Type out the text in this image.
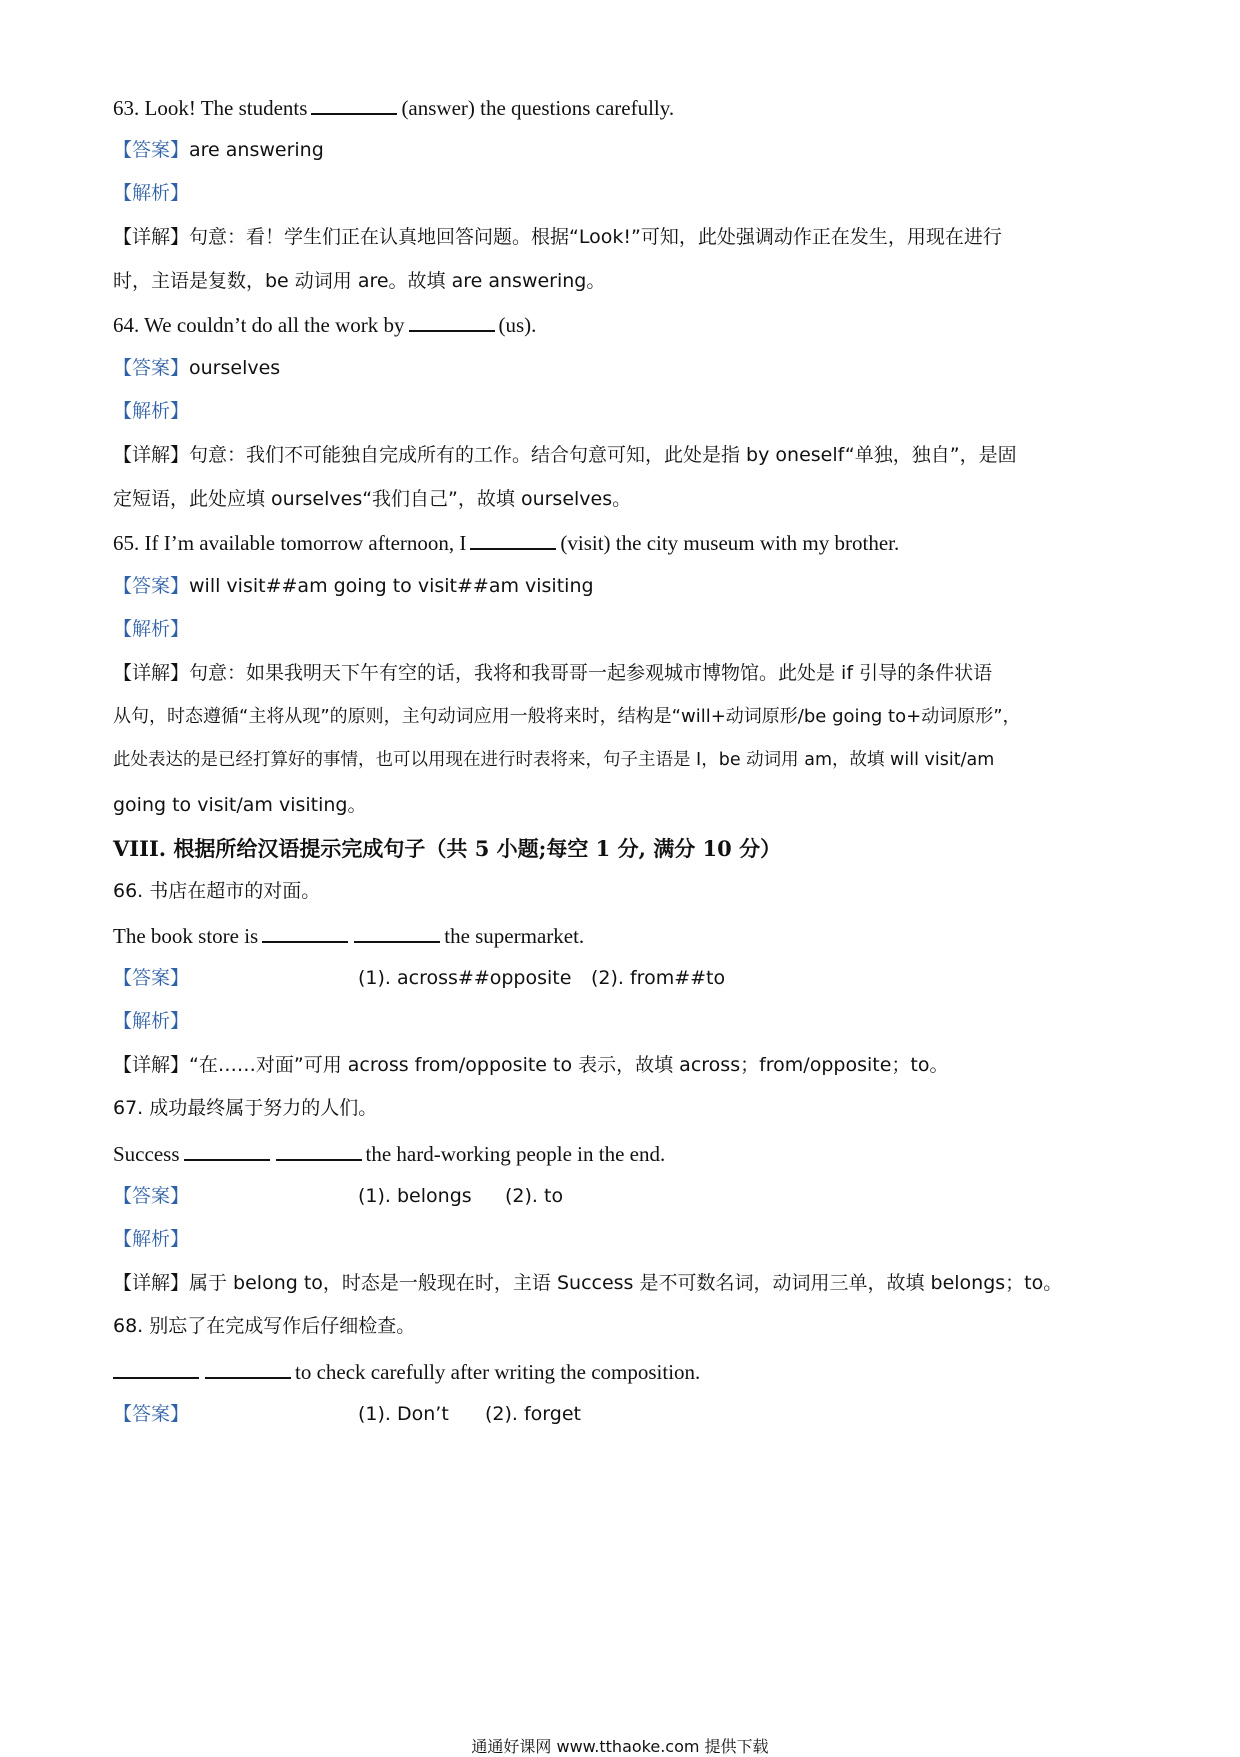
63. Look! The students	(answer) the questions carefully.
【答案】are answering
【解析】
【详解】句意：看！学生们正在认真地回答问题。根据“Look!”可知，此处强调动作正在发生，用现在进行
时，主语是复数，be 动词用 are。故填 are answering。
64. We couldn’t do all the work by	(us).
【答案】ourselves
【解析】
【详解】句意：我们不可能独自完成所有的工作。结合句意可知，此处是指 by oneself“单独，独自”，是固
定短语，此处应填 ourselves“我们自己”，故填 ourselves。
65. If I’m available tomorrow afternoon, I	(visit) the city museum with my brother.
【答案】will visit##am going to visit##am visiting
【解析】
【详解】句意：如果我明天下午有空的话，我将和我哥哥一起参观城市博物馆。此处是 if 引导的条件状语
从句，时态遵循“主将从现”的原则，主句动词应用一般将来时，结构是“will+动词原形/be going to+动词原形”，
此处表达的是已经打算好的事情，也可以用现在进行时表将来，句子主语是 I，be 动词用 am，故填 will visit/am
going to visit/am visiting。
VIII. 根据所给汉语提示完成句子（共 5 小题;每空 1 分, 满分 10 分）
66. 书店在超市的对面。
The book store is	the supermarket.
【答案】	(1). across##opposite (2). from##to
【解析】
【详解】“在……对面”可用 across from/opposite to 表示，故填 across；from/opposite；to。
67. 成功最终属于努力的人们。
Success	the hard-working people in the end.
【答案】	(1). belongs (2). to
【解析】
【详解】属于 belong to，时态是一般现在时，主语 Success 是不可数名词，动词用三单，故填 belongs；to。
68. 别忘了在完成写作后仔细检查。
to check carefully after writing the composition.
【答案】	(1). Don’t (2). forget
通通好课网 www.tthaoke.com 提供下载
